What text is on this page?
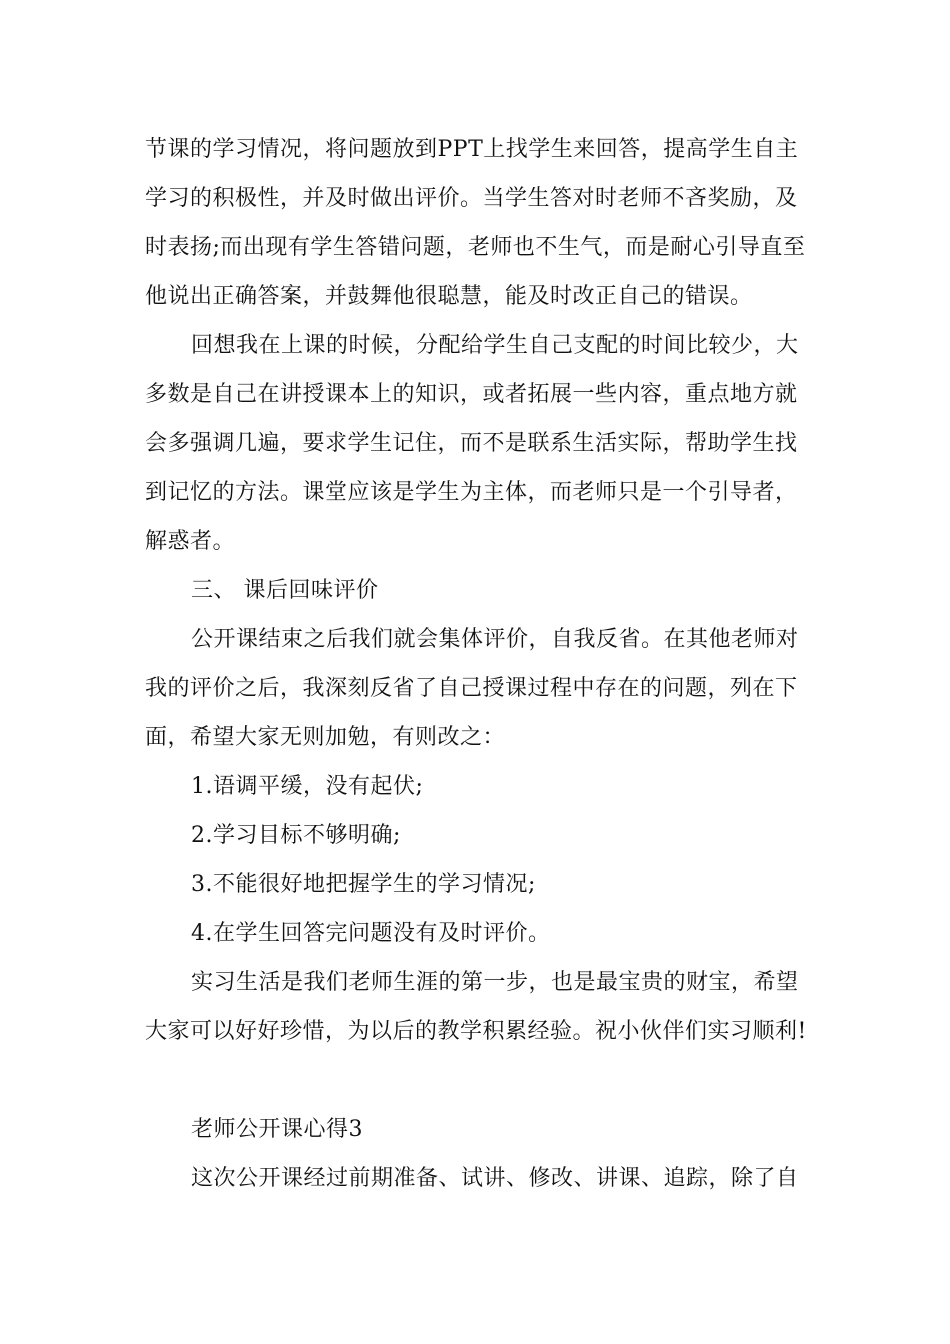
节课的学习情况，将问题放到PPT上找学生来回答，提高学生自主学习的积极性，并及时做出评价。当学生答对时老师不吝奖励，及时表扬;而出现有学生答错问题，老师也不生气，而是耐心引导直至他说出正确答案，并鼓舞他很聪慧，能及时改正自己的错误。

回想我在上课的时候，分配给学生自己支配的时间比较少，大多数是自己在讲授课本上的知识，或者拓展一些内容，重点地方就会多强调几遍，要求学生记住，而不是联系生活实际，帮助学生找到记忆的方法。课堂应该是学生为主体，而老师只是一个引导者，解惑者。

三、 课后回味评价

公开课结束之后我们就会集体评价，自我反省。在其他老师对我的评价之后，我深刻反省了自己授课过程中存在的问题，列在下面，希望大家无则加勉，有则改之：

1.语调平缓，没有起伏;

2.学习目标不够明确;

3.不能很好地把握学生的学习情况;

4.在学生回答完问题没有及时评价。

实习生活是我们老师生涯的第一步，也是最宝贵的财宝，希望大家可以好好珍惜，为以后的教学积累经验。祝小伙伴们实习顺利!

老师公开课心得3

这次公开课经过前期准备、试讲、修改、讲课、追踪，除了自
